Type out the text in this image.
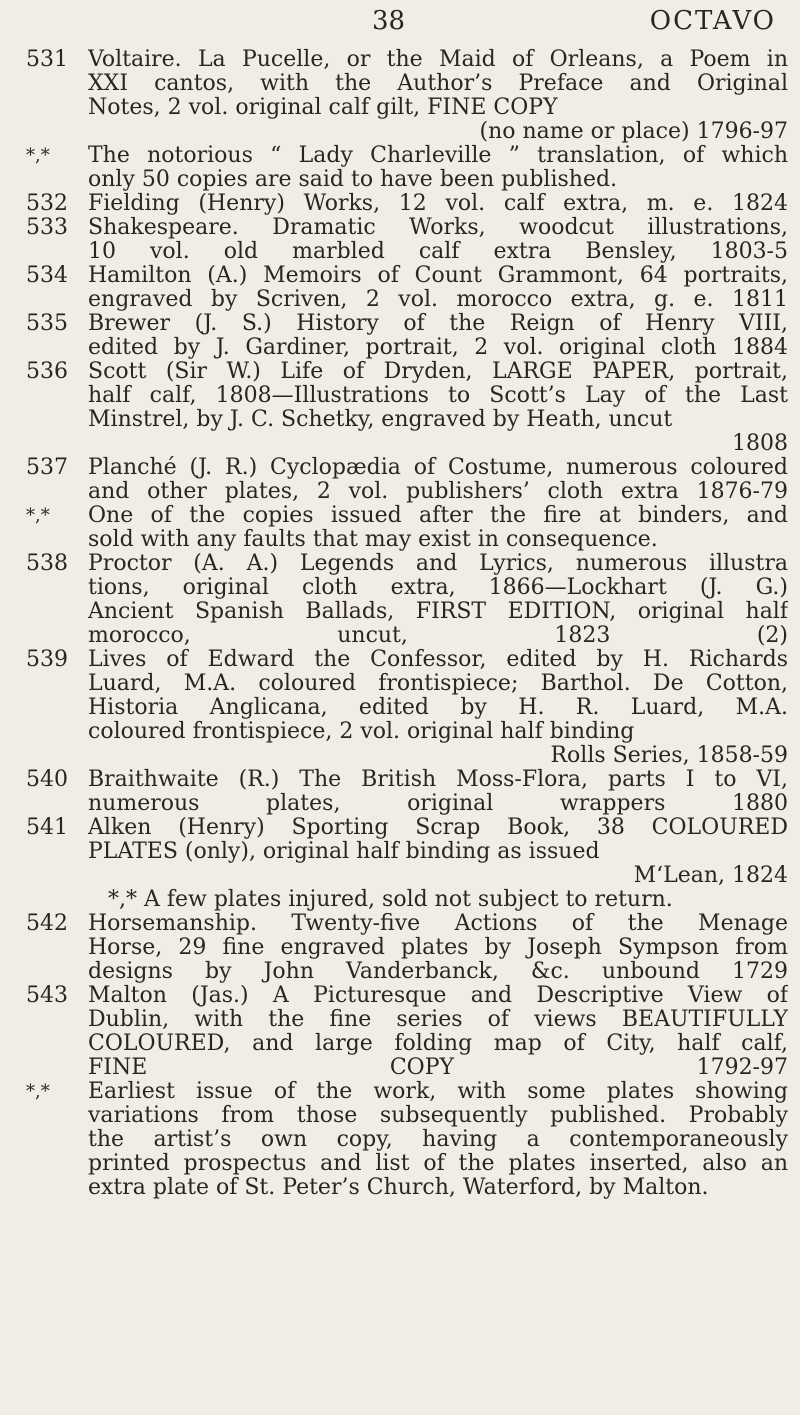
38	OCTAVO
531 Voltaire. La Pucelle, or the Maid of Orleans, a Poem in
XXI cantos, with the Author’s Preface and Original
Notes, 2 vol. original calf gilt, FINE COPY
(no name or place) 1796-97
*,*	The notorious “ Lady Charleville ” translation, of which
only 50 copies are said to have been published.
532 Fielding (Henry) Works, 12 vol. calf extra, m. e. 1824
533 Shakespeare. Dramatic Works, woodcut illustrations,
10 vol. old marbled calf extra Bensley, 1803-5
534 Hamilton (A.) Memoirs of Count Grammont, 64 portraits,
engraved by Scriven, 2 vol. morocco extra, g. e. 1811
535 Brewer (J. S.) History of the Reign of Henry VIII,
edited by J. Gardiner, portrait, 2 vol. original cloth 1884
536 Scott (Sir W.) Life of Dryden, LARGE PAPER, portrait,
half calf, 1808—Illustrations to Scott’s Lay of the Last
Minstrel, by J. C. Schetky, engraved by Heath, uncut
1808
537 Planché (J. R.) Cyclopædia of Costume, numerous coloured
and other plates, 2 vol. publishers’ cloth extra 1876-79
*,*	One of the copies issued after the fire at binders, and
sold with any faults that may exist in consequence.
538 Proctor (A. A.) Legends and Lyrics, numerous illustra
tions, original cloth extra, 1866—Lockhart (J. G.)
Ancient Spanish Ballads, FIRST EDITION, original half
morocco, uncut, 1823 (2)
539 Lives of Edward the Confessor, edited by H. Richards
Luard, M.A. coloured frontispiece; Barthol. De Cotton,
Historia Anglicana, edited by H. R. Luard, M.A.
coloured frontispiece, 2 vol. original half binding
Rolls Series, 1858-59
540 Braithwaite (R.) The British Moss-Flora, parts I to VI,
numerous plates, original wrappers 1880
541 Alken (Henry) Sporting Scrap Book, 38 COLOURED
PLATES (only), original half binding as issued
M‘Lean, 1824
*,* A few plates injured, sold not subject to return.
542 Horsemanship. Twenty-five Actions of the Menage
Horse, 29 fine engraved plates by Joseph Sympson from
designs by John Vanderbanck, &c. unbound 1729
543 Malton (Jas.) A Picturesque and Descriptive View of
Dublin, with the fine series of views BEAUTIFULLY
COLOURED, and large folding map of City, half calf,
FINE COPY 1792-97
*,*	Earliest issue of the work, with some plates showing
variations from those subsequently published. Probably
the artist’s own copy, having a contemporaneously
printed prospectus and list of the plates inserted, also an
extra plate of St. Peter’s Church, Waterford, by Malton.
